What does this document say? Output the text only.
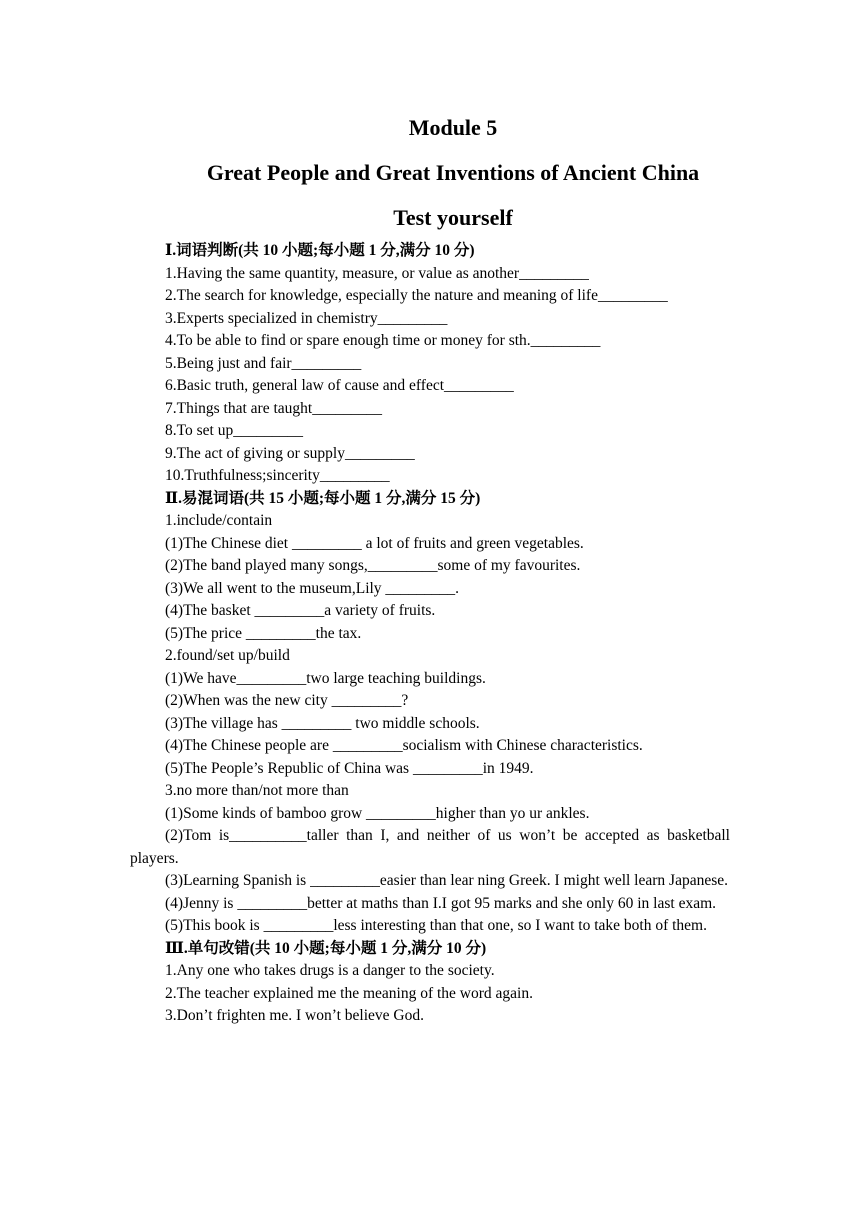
Module 5
Great People and Great Inventions of Ancient China
Test yourself
Ⅰ.词语判断(共 10 小题;每小题 1 分,满分 10 分)
1.Having the same quantity, measure, or value as another_________
2.The search for knowledge, especially the nature and meaning of life_________
3.Experts specialized in chemistry_________
4.To be able to find or spare enough time or money for sth._________
5.Being just and fair_________
6.Basic truth, general law of cause and effect_________
7.Things that are taught_________
8.To set up_________
9.The act of giving or supply_________
10.Truthfulness;sincerity_________
Ⅱ.易混词语(共 15 小题;每小题 1 分,满分 15 分)
1.include/contain
(1)The Chinese diet _________ a lot of fruits and green vegetables.
(2)The band played many songs,_________some of my favourites.
(3)We all went to the museum,Lily _________.
(4)The basket _________a variety of fruits.
(5)The price _________the tax.
2.found/set up/build
(1)We have_________two large teaching buildings.
(2)When was the new city _________?
(3)The village has _________ two middle schools.
(4)The Chinese people are _________socialism with Chinese characteristics.
(5)The People’s Republic of China was _________in 1949.
3.no more than/not more than
(1)Some kinds of bamboo grow _________higher than yo ur ankles.
(2)Tom is__________taller than I, and neither of us won’t be accepted as basketball players.
(3)Learning Spanish is _________easier than lear ning Greek. I might well learn Japanese.
(4)Jenny is _________better at maths than I.I got 95 marks and she only 60 in last exam.
(5)This book is _________less interesting than that one, so I want to take both of them.
Ⅲ.单句改错(共 10 小题;每小题 1 分,满分 10 分)
1.Any one who takes drugs is a danger to the society.
2.The teacher explained me the meaning of the word again.
3.Don’t frighten me. I won’t believe God.
